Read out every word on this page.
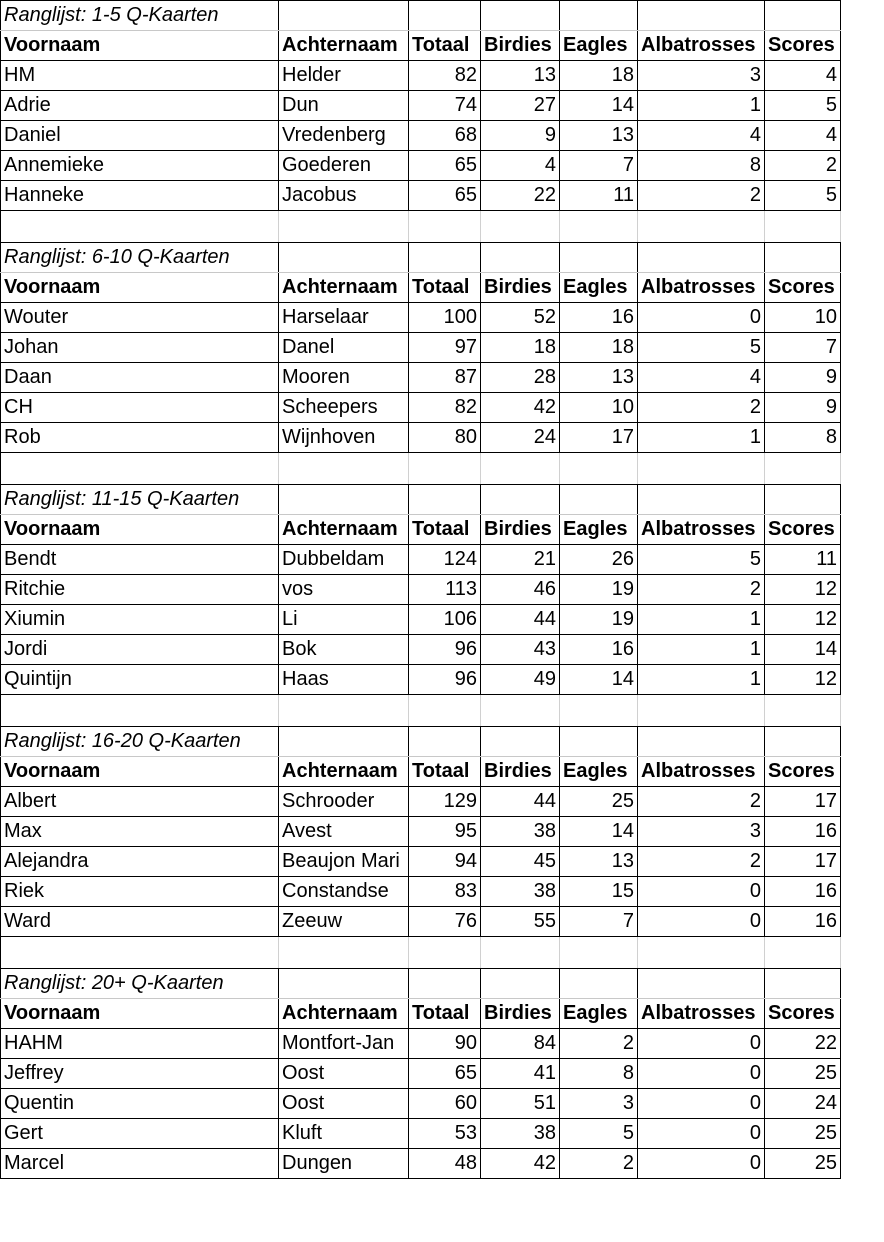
Ranglijst: 1-5 Q-Kaarten						
Voornaam	Achternaam	Totaal	Birdies	Eagles	Albatrosses	Scores
HM	Helder	82	13	18	3	4
Adrie	Dun	74	27	14	1	5
Daniel	Vredenberg	68	9	13	4	4
Annemieke	Goederen	65	4	7	8	2
Hanneke	Jacobus	65	22	11	2	5
Ranglijst: 6-10 Q-Kaarten						
Voornaam	Achternaam	Totaal	Birdies	Eagles	Albatrosses	Scores
Wouter	Harselaar	100	52	16	0	10
Johan	Danel	97	18	18	5	7
Daan	Mooren	87	28	13	4	9
CH	Scheepers	82	42	10	2	9
Rob	Wijnhoven	80	24	17	1	8
Ranglijst: 11-15 Q-Kaarten						
Voornaam	Achternaam	Totaal	Birdies	Eagles	Albatrosses	Scores
Bendt	Dubbeldam	124	21	26	5	11
Ritchie	vos	113	46	19	2	12
Xiumin	Li	106	44	19	1	12
Jordi	Bok	96	43	16	1	14
Quintijn	Haas	96	49	14	1	12
Ranglijst: 16-20 Q-Kaarten						
Voornaam	Achternaam	Totaal	Birdies	Eagles	Albatrosses	Scores
Albert	Schrooder	129	44	25	2	17
Max	Avest	95	38	14	3	16
Alejandra	Beaujon Mari	94	45	13	2	17
Riek	Constandse	83	38	15	0	16
Ward	Zeeuw	76	55	7	0	16
Ranglijst: 20+ Q-Kaarten						
Voornaam	Achternaam	Totaal	Birdies	Eagles	Albatrosses	Scores
HAHM	Montfort-Jan	90	84	2	0	22
Jeffrey	Oost	65	41	8	0	25
Quentin	Oost	60	51	3	0	24
Gert	Kluft	53	38	5	0	25
Marcel	Dungen	48	42	2	0	25
